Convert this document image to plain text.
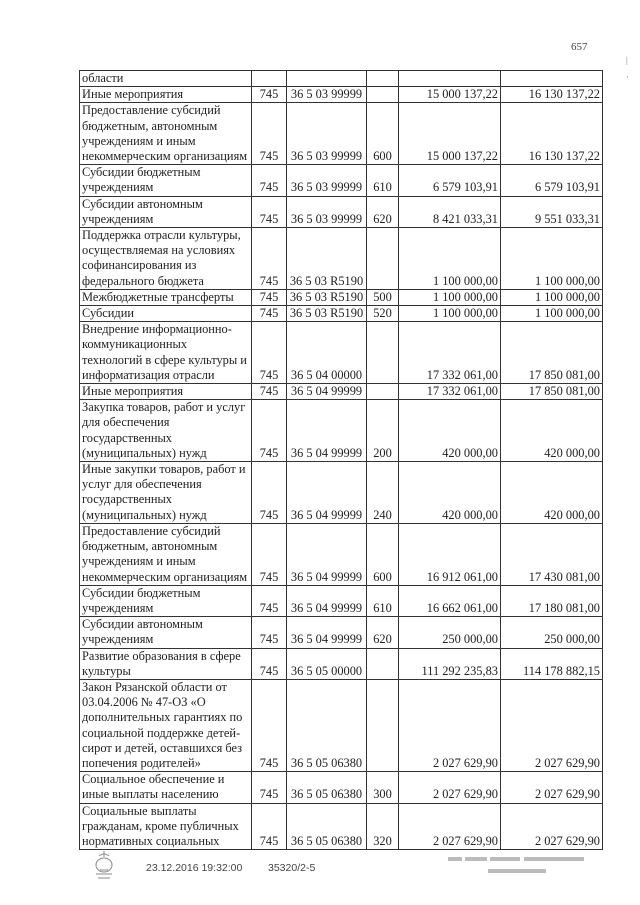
657
|
·
области					
Иные мероприятия	745	36 5 03 99999		15 000 137,22	16 130 137,22
Предоставление субсидий бюджетным, автономным учреждениям и иным некоммерческим организациям	745	36 5 03 99999	600	15 000 137,22	16 130 137,22
Субсидии бюджетным учреждениям	745	36 5 03 99999	610	6 579 103,91	6 579 103,91
Субсидии автономным учреждениям	745	36 5 03 99999	620	8 421 033,31	9 551 033,31
Поддержка отрасли культуры, осуществляемая на условиях софинансирования из федерального бюджета	745	36 5 03 R5190		1 100 000,00	1 100 000,00
Межбюджетные трансферты	745	36 5 03 R5190	500	1 100 000,00	1 100 000,00
Субсидии	745	36 5 03 R5190	520	1 100 000,00	1 100 000,00
Внедрение информационно-коммуникационных технологий в сфере культуры и информатизация отрасли	745	36 5 04 00000		17 332 061,00	17 850 081,00
Иные мероприятия	745	36 5 04 99999		17 332 061,00	17 850 081,00
Закупка товаров, работ и услуг для обеспечения государственных (муниципальных) нужд	745	36 5 04 99999	200	420 000,00	420 000,00
Иные закупки товаров, работ и услуг для обеспечения государственных (муниципальных) нужд	745	36 5 04 99999	240	420 000,00	420 000,00
Предоставление субсидий бюджетным, автономным учреждениям и иным некоммерческим организациям	745	36 5 04 99999	600	16 912 061,00	17 430 081,00
Субсидии бюджетным учреждениям	745	36 5 04 99999	610	16 662 061,00	17 180 081,00
Субсидии автономным учреждениям	745	36 5 04 99999	620	250 000,00	250 000,00
Развитие образования в сфере культуры	745	36 5 05 00000		111 292 235,83	114 178 882,15
Закон Рязанской области от 03.04.2006 № 47-ОЗ «О дополнительных гарантиях по социальной поддержке детей-сирот и детей, оставшихся без попечения родителей»	745	36 5 05 06380		2 027 629,90	2 027 629,90
Социальное обеспечение и иные выплаты населению	745	36 5 05 06380	300	2 027 629,90	2 027 629,90
Социальные выплаты гражданам, кроме публичных нормативных социальных	745	36 5 05 06380	320	2 027 629,90	2 027 629,90
23.12.2016 19:32:00 35320/2-5
